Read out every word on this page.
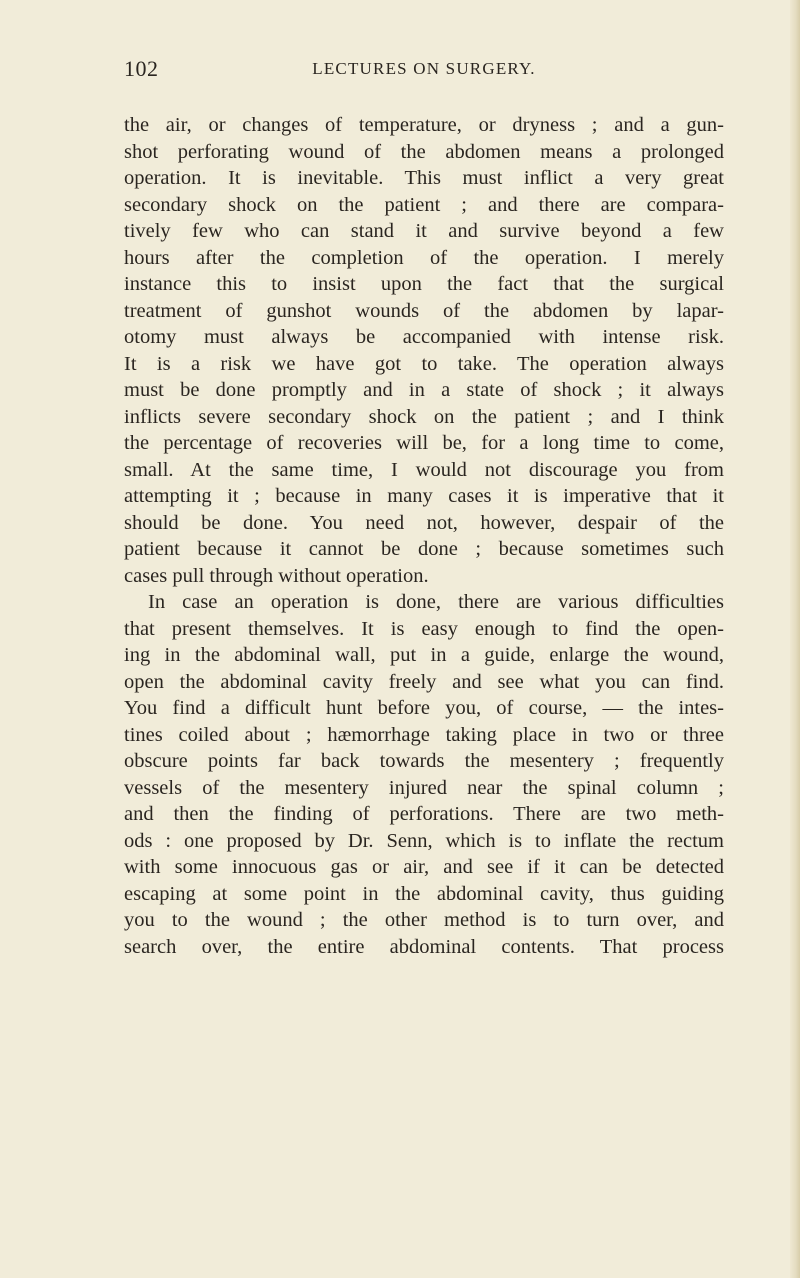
102	LECTURES ON SURGERY.
the air, or changes of temperature, or dryness ; and a gun-
shot perforating wound of the abdomen means a prolonged
operation. It is inevitable. This must inflict a very great
secondary shock on the patient ; and there are compara-
tively few who can stand it and survive beyond a few
hours after the completion of the operation. I merely
instance this to insist upon the fact that the surgical
treatment of gunshot wounds of the abdomen by lapar-
otomy must always be accompanied with intense risk.
It is a risk we have got to take. The operation always
must be done promptly and in a state of shock ; it always
inflicts severe secondary shock on the patient ; and I think
the percentage of recoveries will be, for a long time to come,
small. At the same time, I would not discourage you from
attempting it ; because in many cases it is imperative that it
should be done. You need not, however, despair of the
patient because it cannot be done ; because sometimes such
cases pull through without operation.
In case an operation is done, there are various difficulties
that present themselves. It is easy enough to find the open-
ing in the abdominal wall, put in a guide, enlarge the wound,
open the abdominal cavity freely and see what you can find.
You find a difficult hunt before you, of course, — the intes-
tines coiled about ; hæmorrhage taking place in two or three
obscure points far back towards the mesentery ; frequently
vessels of the mesentery injured near the spinal column ;
and then the finding of perforations. There are two meth-
ods : one proposed by Dr. Senn, which is to inflate the rectum
with some innocuous gas or air, and see if it can be detected
escaping at some point in the abdominal cavity, thus guiding
you to the wound ; the other method is to turn over, and
search over, the entire abdominal contents. That process
